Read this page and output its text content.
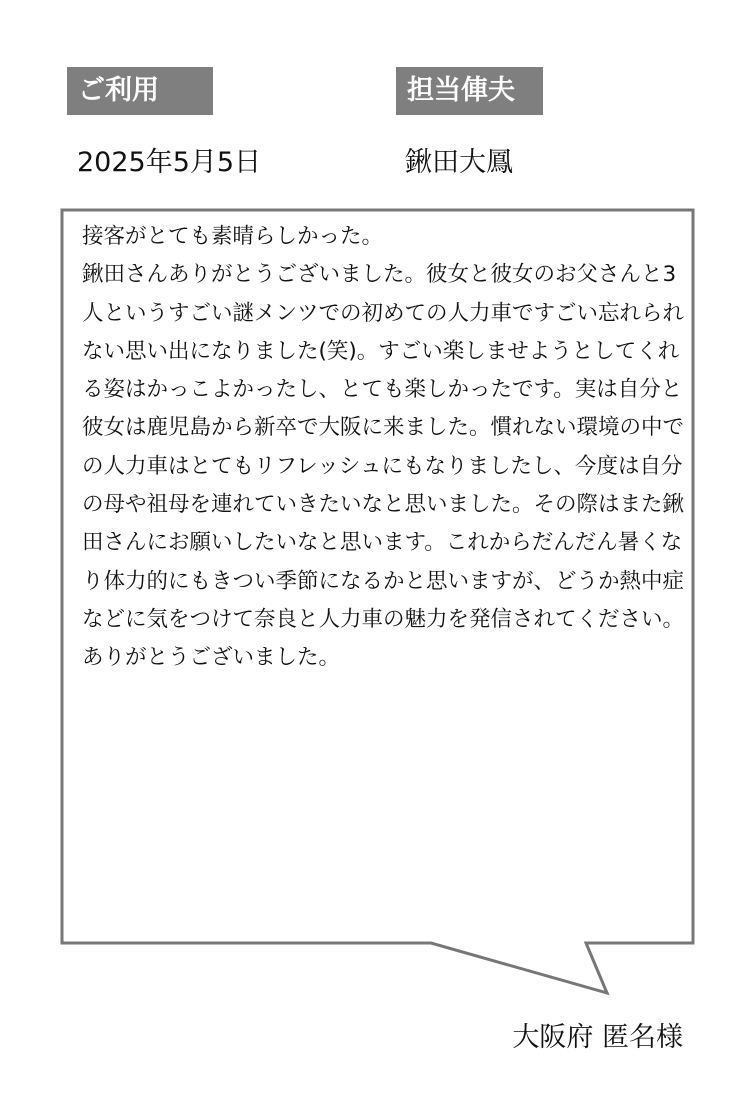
ご利用	担当俥夫
2025年5月5日	鍬田大鳳

接客がとても素晴らしかった。
鍬田さんありがとうございました。彼女と彼女のお父さんと3人というすごい謎メンツでの初めての人力車ですごい忘れられない思い出になりました(笑)。すごい楽しませようとしてくれる姿はかっこよかったし、とても楽しかったです。実は自分と彼女は鹿児島から新卒で大阪に来ました。慣れない環境の中での人力車はとてもリフレッシュにもなりましたし、今度は自分の母や祖母を連れていきたいなと思いました。その際はまた鍬田さんにお願いしたいなと思います。これからだんだん暑くなり体力的にもきつい季節になるかと思いますが、どうか熱中症などに気をつけて奈良と人力車の魅力を発信されてください。ありがとうございました。

大阪府 匿名様
